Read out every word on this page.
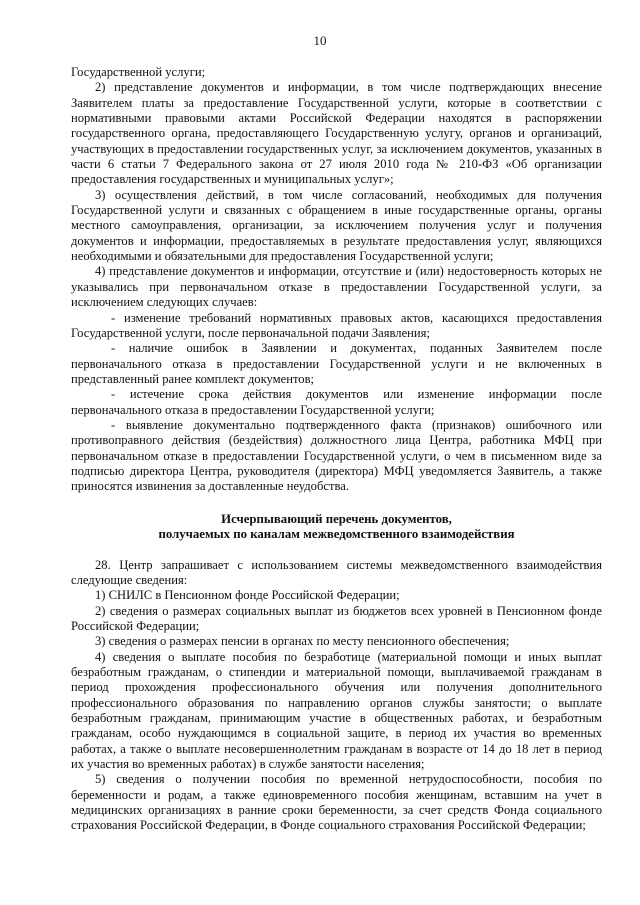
10

Государственной услуги;

2) представление документов и информации, в том числе подтверждающих внесение Заявителем платы за предоставление Государственной услуги, которые в соответствии с нормативными правовыми актами Российской Федерации находятся в распоряжении государственного органа, предоставляющего Государственную услугу, органов и организаций, участвующих в предоставлении государственных услуг, за исключением документов, указанных в части 6 статьи 7 Федерального закона от 27 июля 2010 года № 210-ФЗ «Об организации предоставления государственных и муниципальных услуг»;

3) осуществления действий, в том числе согласований, необходимых для получения Государственной услуги и связанных с обращением в иные государственные органы, органы местного самоуправления, организации, за исключением получения услуг и получения документов и информации, предоставляемых в результате предоставления услуг, являющихся необходимыми и обязательными для предоставления Государственной услуги;

4) представление документов и информации, отсутствие и (или) недостоверность которых не указывались при первоначальном отказе в предоставлении Государственной услуги, за исключением следующих случаев:

- изменение требований нормативных правовых актов, касающихся предоставления Государственной услуги, после первоначальной подачи Заявления;

- наличие ошибок в Заявлении и документах, поданных Заявителем после первоначального отказа в предоставлении Государственной услуги и не включенных в представленный ранее комплект документов;

- истечение срока действия документов или изменение информации после первоначального отказа в предоставлении Государственной услуги;

- выявление документально подтвержденного факта (признаков) ошибочного или противоправного действия (бездействия) должностного лица Центра, работника МФЦ при первоначальном отказе в предоставлении Государственной услуги, о чем в письменном виде за подписью директора Центра, руководителя (директора) МФЦ уведомляется Заявитель, а также приносятся извинения за доставленные неудобства.

Исчерпывающий перечень документов,
получаемых по каналам межведомственного взаимодействия

28. Центр запрашивает с использованием системы межведомственного взаимодействия следующие сведения:

1) СНИЛС в Пенсионном фонде Российской Федерации;

2) сведения о размерах социальных выплат из бюджетов всех уровней в Пенсионном фонде Российской Федерации;

3) сведения о размерах пенсии в органах по месту пенсионного обеспечения;

4) сведения о выплате пособия по безработице (материальной помощи и иных выплат безработным гражданам, о стипендии и материальной помощи, выплачиваемой гражданам в период прохождения профессионального обучения или получения дополнительного профессионального образования по направлению органов службы занятости; о выплате безработным гражданам, принимающим участие в общественных работах, и безработным гражданам, особо нуждающимся в социальной защите, в период их участия во временных работах, а также о выплате несовершеннолетним гражданам в возрасте от 14 до 18 лет в период их участия во временных работах) в службе занятости населения;

5) сведения о получении пособия по временной нетрудоспособности, пособия по беременности и родам, а также единовременного пособия женщинам, вставшим на учет в медицинских организациях в ранние сроки беременности, за счет средств Фонда социального страхования Российской Федерации, в Фонде социального страхования Российской Федерации;
